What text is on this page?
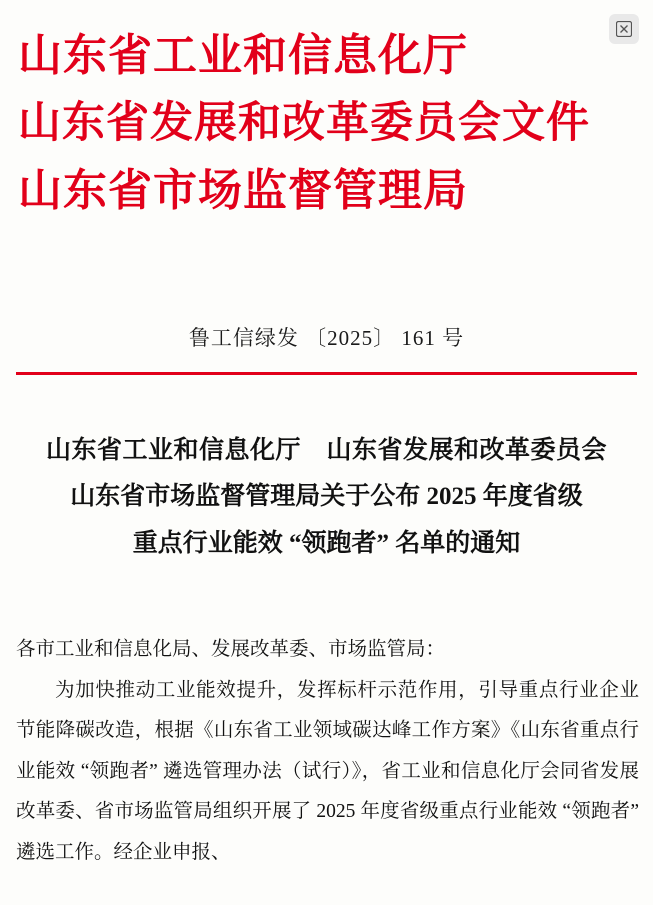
山东省工业和信息化厅
山东省发展和改革委员会文件
山东省市场监督管理局
鲁工信绿发 〔2025〕 161 号
山东省工业和信息化厅　山东省发展和改革委员会
山东省市场监督管理局关于公布 2025 年度省级
重点行业能效 “领跑者” 名单的通知

各市工业和信息化局、发展改革委、市场监管局：

为加快推动工业能效提升，发挥标杆示范作用，引导重点行业企业节能降碳改造，根据《山东省工业领域碳达峰工作方案》《山东省重点行业能效 “领跑者” 遴选管理办法（试行）》，省工业和信息化厅会同省发展改革委、省市场监管局组织开展了 2025 年度省级重点行业能效 “领跑者” 遴选工作。经企业申报、
